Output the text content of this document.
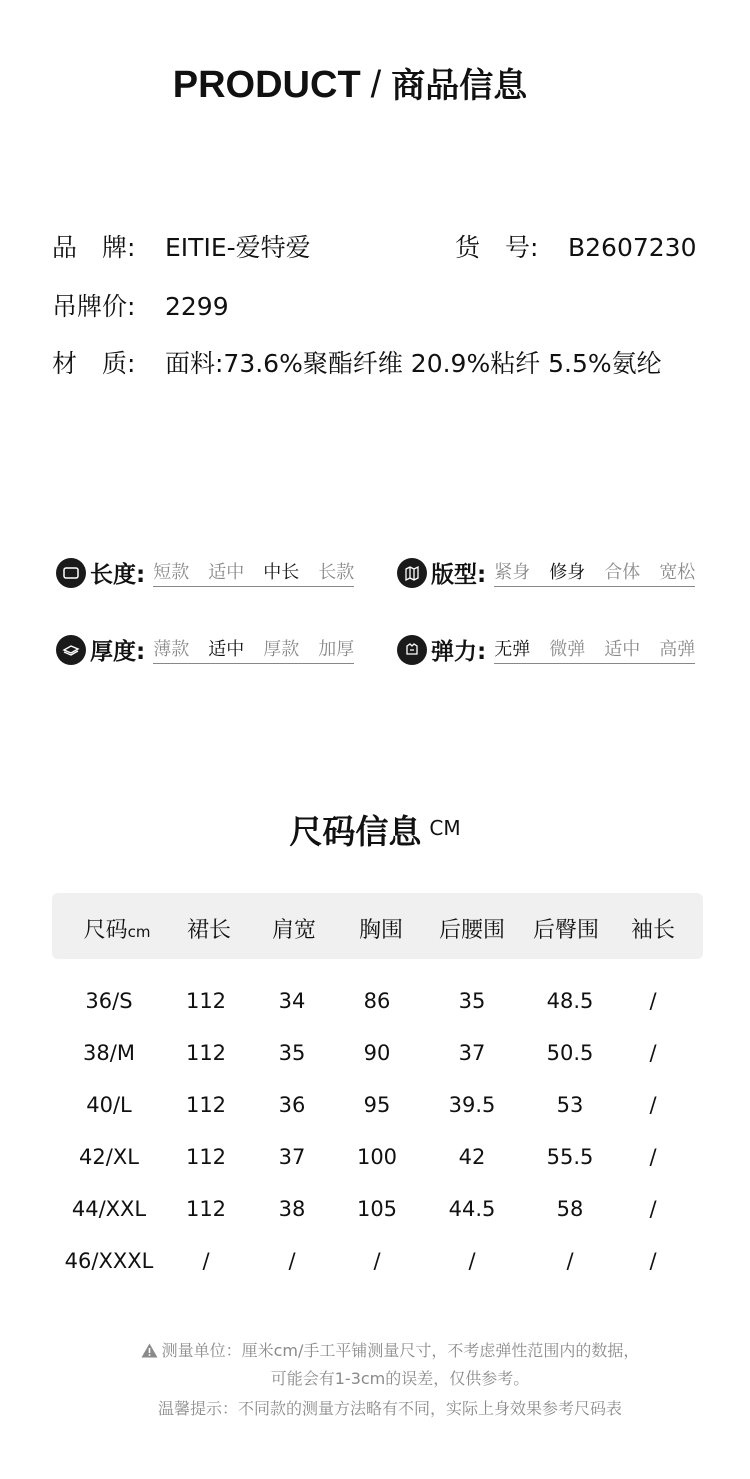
PRODUCT / 商品信息
品　牌: EITIE-爱特爱	货　号: B2607230
吊牌价: 2299
材　质: 面料:73.6%聚酯纤维 20.9%粘纤 5.5%氨纶
长度: 短款 适中 中长 长款	版型: 紧身 修身 合体 宽松
厚度: 薄款 适中 厚款 加厚	弹力: 无弹 微弹 适中 高弹
尺码信息 $^{CM}$
尺码cm 裙长 肩宽 胸围 后腰围 后臀围 袖长
36/S	112	34	86	35	48.5	/
38/M 112	35	90	37	50.5	/
40/L	112	36	95	39.5	53	/
42/XL 112	37 100	42	55.5	/
44/XXL 112	38 105 44.5	58	/
46/XXXL /	/	/	/	/	/
测量单位：厘米cm/手工平铺测量尺寸，不考虑弹性范围内的数据，
可能会有1-3cm的误差，仅供参考。
温馨提示：不同款的测量方法略有不同，实际上身效果参考尺码表
